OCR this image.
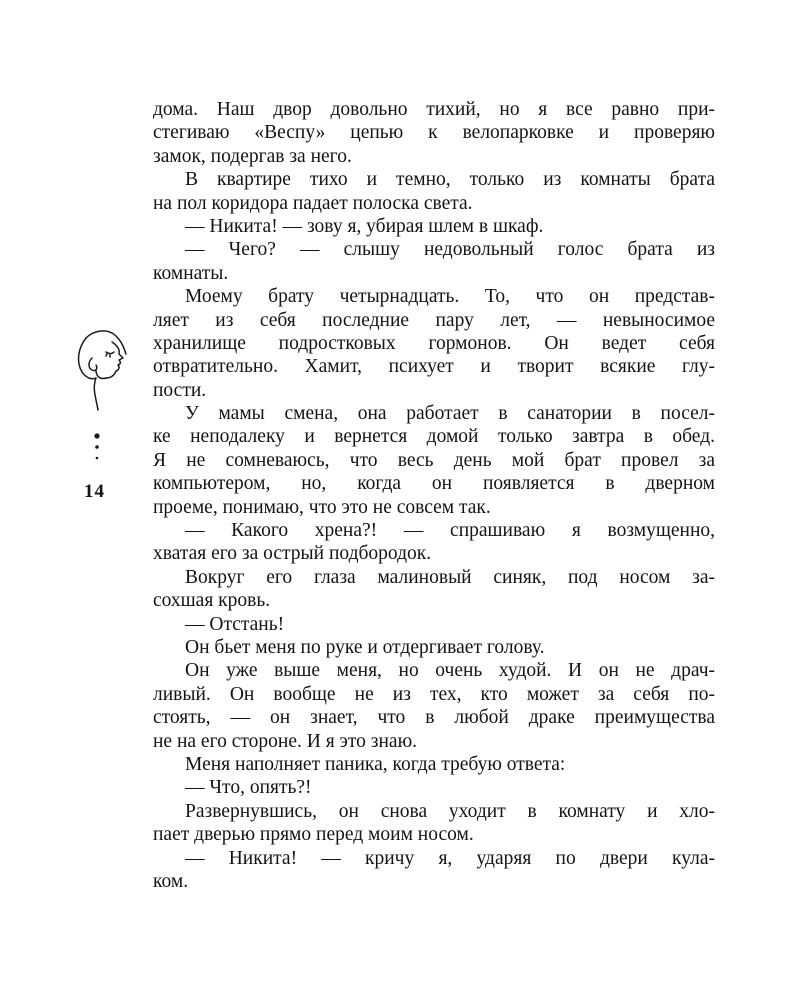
14
дома. Наш двор довольно тихий, но я все равно при-
стегиваю «Веспу» цепью к велопарковке и проверяю
замок, подергав за него.
В квартире тихо и темно, только из комнаты брата
на пол коридора падает полоска света.
— Никита! — зову я, убирая шлем в шкаф.
— Чего? — слышу недовольный голос брата из
комнаты.
Моему брату четырнадцать. То, что он представ-
ляет из себя последние пару лет, — невыносимое
хранилище подростковых гормонов. Он ведет себя
отвратительно. Хамит, психует и творит всякие глу-
пости.
У мамы смена, она работает в санатории в посел-
ке неподалеку и вернется домой только завтра в обед.
Я не сомневаюсь, что весь день мой брат провел за
компьютером, но, когда он появляется в дверном
проеме, понимаю, что это не совсем так.
— Какого хрена?! — спрашиваю я возмущенно,
хватая его за острый подбородок.
Вокруг его глаза малиновый синяк, под носом за-
сохшая кровь.
— Отстань!
Он бьет меня по руке и отдергивает голову.
Он уже выше меня, но очень худой. И он не драч-
ливый. Он вообще не из тех, кто может за себя по-
стоять, — он знает, что в любой драке преимущества
не на его стороне. И я это знаю.
Меня наполняет паника, когда требую ответа:
— Что, опять?!
Развернувшись, он снова уходит в комнату и хло-
пает дверью прямо перед моим носом.
— Никита! — кричу я, ударяя по двери кула-
ком.
